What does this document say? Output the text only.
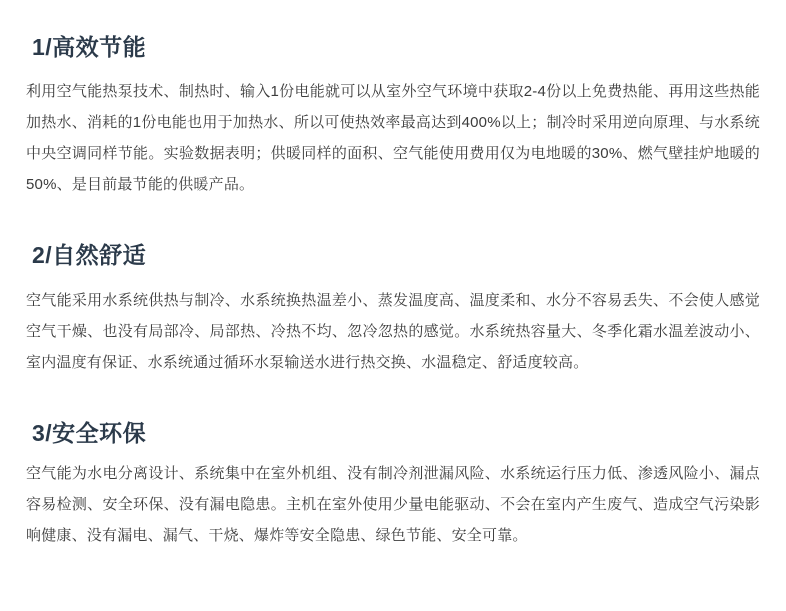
1/高效节能

利用空气能热泵技术、制热时、输入1份电能就可以从室外空气环境中获取2-4份以上免费热能、再用这些热能加热水、消耗的1份电能也用于加热水、所以可使热效率最高达到400%以上；制冷时采用逆向原理、与水系统中央空调同样节能。实验数据表明；供暖同样的面积、空气能使用费用仅为电地暖的30%、燃气壁挂炉地暖的50%、是目前最节能的供暖产品。

2/自然舒适

空气能采用水系统供热与制冷、水系统换热温差小、蒸发温度高、温度柔和、水分不容易丢失、不会使人感觉空气干燥、也没有局部冷、局部热、冷热不均、忽冷忽热的感觉。水系统热容量大、冬季化霜水温差波动小、室内温度有保证、水系统通过循环水泵输送水进行热交换、水温稳定、舒适度较高。

3/安全环保

空气能为水电分离设计、系统集中在室外机组、没有制冷剂泄漏风险、水系统运行压力低、渗透风险小、漏点容易检测、安全环保、没有漏电隐患。主机在室外使用少量电能驱动、不会在室内产生废气、造成空气污染影响健康、没有漏电、漏气、干烧、爆炸等安全隐患、绿色节能、安全可靠。
